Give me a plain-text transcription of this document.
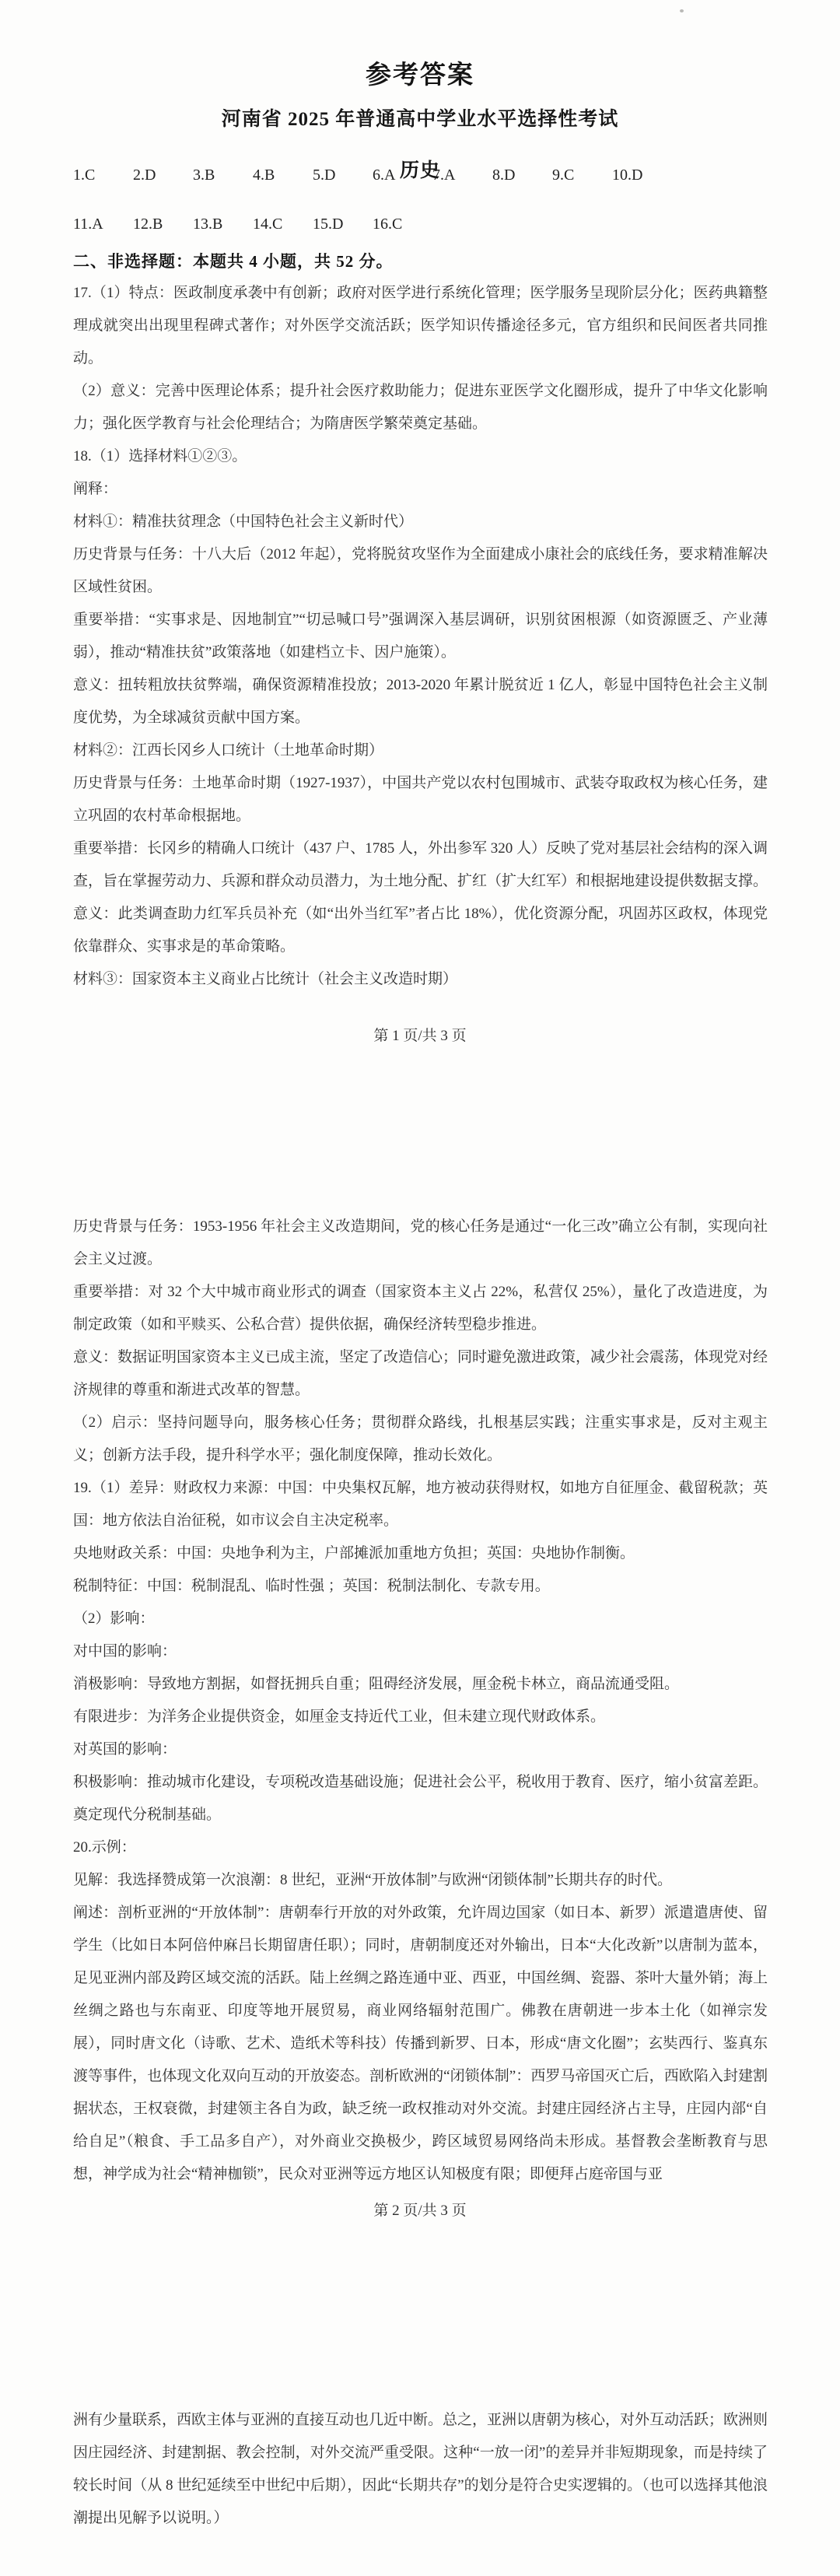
参考答案
河南省 2025 年普通高中学业水平选择性考试
历史
1.C 2.D 3.B 4.B 5.D 6.A 7.A 8.D 9.C 10.D
11.A 12.B 13.B 14.C 15.D 16.C
二、非选择题：本题共 4 小题，共 52 分。

17.（1）特点：医政制度承袭中有创新；政府对医学进行系统化管理；医学服务呈现阶层分化；医药典籍整理成就突出出现里程碑式著作；对外医学交流活跃；医学知识传播途径多元，官方组织和民间医者共同推动。

（2）意义：完善中医理论体系；提升社会医疗救助能力；促进东亚医学文化圈形成，提升了中华文化影响力；强化医学教育与社会伦理结合；为隋唐医学繁荣奠定基础。

18.（1）选择材料①②③。

阐释：

材料①：精准扶贫理念（中国特色社会主义新时代）

历史背景与任务：十八大后（2012 年起），党将脱贫攻坚作为全面建成小康社会的底线任务，要求精准解决区域性贫困。

重要举措：“实事求是、因地制宜”“切忌喊口号”强调深入基层调研，识别贫困根源（如资源匮乏、产业薄弱），推动“精准扶贫”政策落地（如建档立卡、因户施策）。

意义：扭转粗放扶贫弊端，确保资源精准投放；2013-2020 年累计脱贫近 1 亿人，彰显中国特色社会主义制度优势，为全球减贫贡献中国方案。

材料②：江西长冈乡人口统计（土地革命时期）

历史背景与任务：土地革命时期（1927-1937），中国共产党以农村包围城市、武装夺取政权为核心任务，建立巩固的农村革命根据地。

重要举措：长冈乡的精确人口统计（437 户、1785 人，外出参军 320 人）反映了党对基层社会结构的深入调查，旨在掌握劳动力、兵源和群众动员潜力，为土地分配、扩红（扩大红军）和根据地建设提供数据支撑。

意义：此类调查助力红军兵员补充（如“出外当红军”者占比 18%），优化资源分配，巩固苏区政权，体现党依靠群众、实事求是的革命策略。

材料③：国家资本主义商业占比统计（社会主义改造时期）

第 1 页/共 3 页

历史背景与任务：1953-1956 年社会主义改造期间，党的核心任务是通过“一化三改”确立公有制，实现向社会主义过渡。

重要举措：对 32 个大中城市商业形式的调查（国家资本主义占 22%，私营仅 25%），量化了改造进度，为制定政策（如和平赎买、公私合营）提供依据，确保经济转型稳步推进。

意义：数据证明国家资本主义已成主流，坚定了改造信心；同时避免激进政策，减少社会震荡，体现党对经济规律的尊重和渐进式改革的智慧。

（2）启示：坚持问题导向，服务核心任务；贯彻群众路线，扎根基层实践；注重实事求是，反对主观主义；创新方法手段，提升科学水平；强化制度保障，推动长效化。

19.（1）差异：财政权力来源：中国：中央集权瓦解，地方被动获得财权，如地方自征厘金、截留税款；英国：地方依法自治征税，如市议会自主决定税率。

央地财政关系：中国：央地争利为主，户部摊派加重地方负担；英国：央地协作制衡。

税制特征：中国：税制混乱、临时性强 ；英国：税制法制化、专款专用。

（2）影响：

对中国的影响：

消极影响：导致地方割据，如督抚拥兵自重；阻碍经济发展，厘金税卡林立，商品流通受阻。

有限进步：为洋务企业提供资金，如厘金支持近代工业，但未建立现代财政体系。

对英国的影响：

积极影响：推动城市化建设，专项税改造基础设施；促进社会公平，税收用于教育、医疗，缩小贫富差距。奠定现代分税制基础。

20.示例：

见解：我选择赞成第一次浪潮：8 世纪，亚洲“开放体制”与欧洲“闭锁体制”长期共存的时代。

阐述：剖析亚洲的“开放体制”：唐朝奉行开放的对外政策，允许周边国家（如日本、新罗）派遣遣唐使、留学生（比如日本阿倍仲麻吕长期留唐任职）；同时，唐朝制度还对外输出，日本“大化改新”以唐制为蓝本，足见亚洲内部及跨区域交流的活跃。陆上丝绸之路连通中亚、西亚，中国丝绸、瓷器、茶叶大量外销；海上丝绸之路也与东南亚、印度等地开展贸易，商业网络辐射范围广。佛教在唐朝进一步本土化（如禅宗发展），同时唐文化（诗歌、艺术、造纸术等科技）传播到新罗、日本，形成“唐文化圈”；玄奘西行、鉴真东渡等事件，也体现文化双向互动的开放姿态。剖析欧洲的“闭锁体制”：西罗马帝国灭亡后，西欧陷入封建割据状态，王权衰微，封建领主各自为政，缺乏统一政权推动对外交流。封建庄园经济占主导，庄园内部“自给自足”（粮食、手工品多自产），对外商业交换极少，跨区域贸易网络尚未形成。基督教会垄断教育与思想，神学成为社会“精神枷锁”，民众对亚洲等远方地区认知极度有限；即便拜占庭帝国与亚

第 2 页/共 3 页

洲有少量联系，西欧主体与亚洲的直接互动也几近中断。总之，亚洲以唐朝为核心，对外互动活跃；欧洲则因庄园经济、封建割据、教会控制，对外交流严重受限。这种“一放一闭”的差异并非短期现象，而是持续了较长时间（从 8 世纪延续至中世纪中后期），因此“长期共存”的划分是符合史实逻辑的。（也可以选择其他浪潮提出见解予以说明。）
